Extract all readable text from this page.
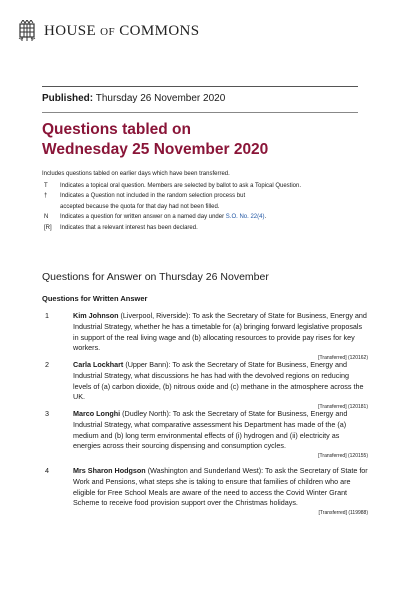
HOUSE OF COMMONS
Published: Thursday 26 November 2020
Questions tabled on
Wednesday 25 November 2020
Includes questions tabled on earlier days which have been transferred.
T	Indicates a topical oral question. Members are selected by ballot to ask a Topical Question.
†	Indicates a Question not included in the random selection process but
accepted because the quota for that day had not been filled.
N	Indicates a question for written answer on a named day under S.O. No. 22(4).
[R]	Indicates that a relevant interest has been declared.
Questions for Answer on Thursday 26 November
Questions for Written Answer
1	Kim Johnson (Liverpool, Riverside): To ask the Secretary of State for Business, Energy and Industrial Strategy, whether he has a timetable for (a) bringing forward legislative proposals in support of the real living wage and (b) allocating resources to provide pay rises for key workers.
[Transferred] (120162)
2	Carla Lockhart (Upper Bann): To ask the Secretary of State for Business, Energy and Industrial Strategy, what discussions he has had with the devolved regions on reducing levels of (a) carbon dioxide, (b) nitrous oxide and (c) methane in the atmosphere across the UK.
[Transferred] (120181)
3	Marco Longhi (Dudley North): To ask the Secretary of State for Business, Energy and Industrial Strategy, what comparative assessment his Department has made of the (a) medium and (b) long term environmental effects of (i) hydrogen and (ii) electricity as energies across their sourcing dispensing and consumption cycles.
[Transferred] (120155)
4	Mrs Sharon Hodgson (Washington and Sunderland West): To ask the Secretary of State for Work and Pensions, what steps she is taking to ensure that families of children who are eligible for Free School Meals are aware of the need to access the Covid Winter Grant Scheme to receive food provision support over the Christmas holidays.
[Transferred] (119988)
